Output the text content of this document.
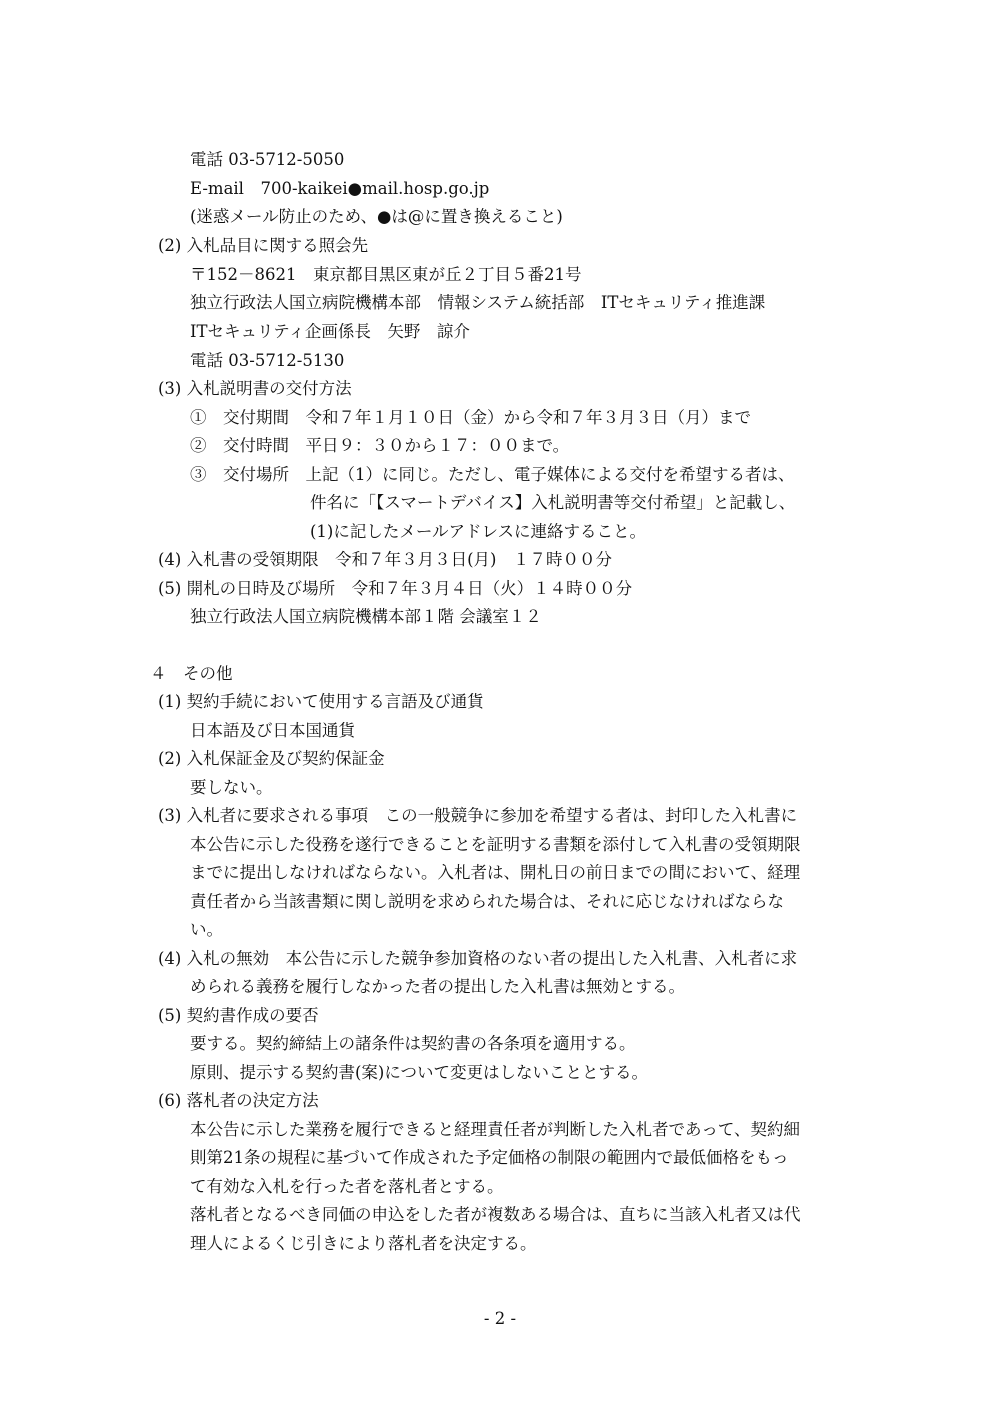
電話 03-5712-5050
E-mail　700-kaikei●mail.hosp.go.jp
(迷惑メール防止のため、●は@に置き換えること)
(2) 入札品目に関する照会先
〒152－8621　東京都目黒区東が丘２丁目５番21号
独立行政法人国立病院機構本部　情報システム統括部　ITセキュリティ推進課
ITセキュリティ企画係長　矢野　諒介
電話 03-5712-5130
(3) 入札説明書の交付方法
①　交付期間　令和７年１月１０日（金）から令和７年３月３日（月）まで
②　交付時間　平日９：３０から１７：００まで。
③　交付場所　上記（1）に同じ。ただし、電子媒体による交付を希望する者は、
件名に「【スマートデバイス】入札説明書等交付希望」と記載し、
(1)に記したメールアドレスに連絡すること。
(4) 入札書の受領期限　令和７年３月３日(月)　１７時００分
(5) 開札の日時及び場所　令和７年３月４日（火）１４時００分
独立行政法人国立病院機構本部１階 会議室１２
４　その他
(1) 契約手続において使用する言語及び通貨
日本語及び日本国通貨
(2) 入札保証金及び契約保証金
要しない。
(3) 入札者に要求される事項　この一般競争に参加を希望する者は、封印した入札書に
本公告に示した役務を遂行できることを証明する書類を添付して入札書の受領期限
までに提出しなければならない。入札者は、開札日の前日までの間において、経理
責任者から当該書類に関し説明を求められた場合は、それに応じなければならな
い。
(4) 入札の無効　本公告に示した競争参加資格のない者の提出した入札書、入札者に求
められる義務を履行しなかった者の提出した入札書は無効とする。
(5) 契約書作成の要否
要する。契約締結上の諸条件は契約書の各条項を適用する。
原則、提示する契約書(案)について変更はしないこととする。
(6) 落札者の決定方法
本公告に示した業務を履行できると経理責任者が判断した入札者であって、契約細
則第21条の規程に基づいて作成された予定価格の制限の範囲内で最低価格をもっ
て有効な入札を行った者を落札者とする。
落札者となるべき同価の申込をした者が複数ある場合は、直ちに当該入札者又は代
理人によるくじ引きにより落札者を決定する。
- 2 -
